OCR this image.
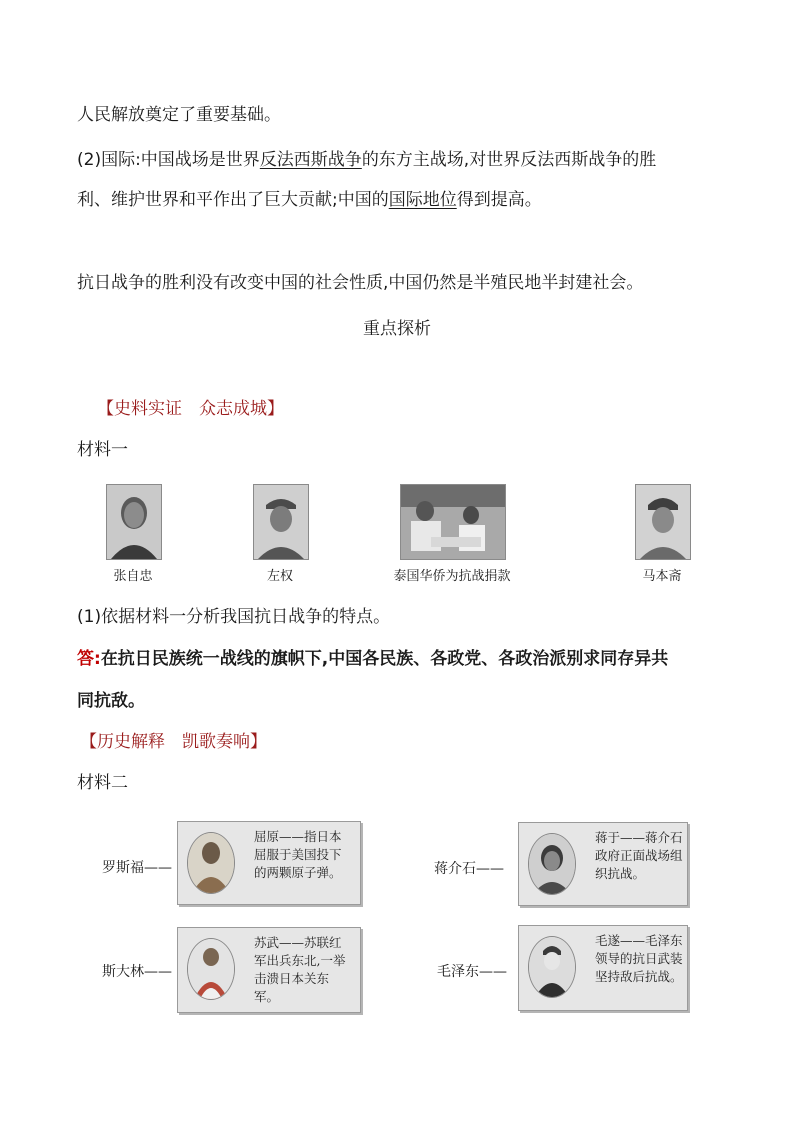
人民解放奠定了重要基础。
(2)国际:中国战场是世界反法西斯战争的东方主战场,对世界反法西斯战争的胜
利、维护世界和平作出了巨大贡献;中国的国际地位得到提高。
抗日战争的胜利没有改变中国的社会性质,中国仍然是半殖民地半封建社会。
重点探析
【史料实证　众志成城】
材料一
张自忠	左权	泰国华侨为抗战捐款	马本斋
(1)依据材料一分析我国抗日战争的特点。
答:在抗日民族统一战线的旗帜下,中国各民族、各政党、各政治派别求同存异共
同抗敌。
【历史解释　凯歌奏响】
材料二
罗斯福——
屈原——指日本屈服于美国投下的两颗原子弹。	蒋介石——
蒋于——蒋介石政府正面战场组织抗战。
斯大林——
苏武——苏联红军出兵东北,一举击溃日本关东军。
毛泽东——
毛遂——毛泽东领导的抗日武装坚持敌后抗战。
